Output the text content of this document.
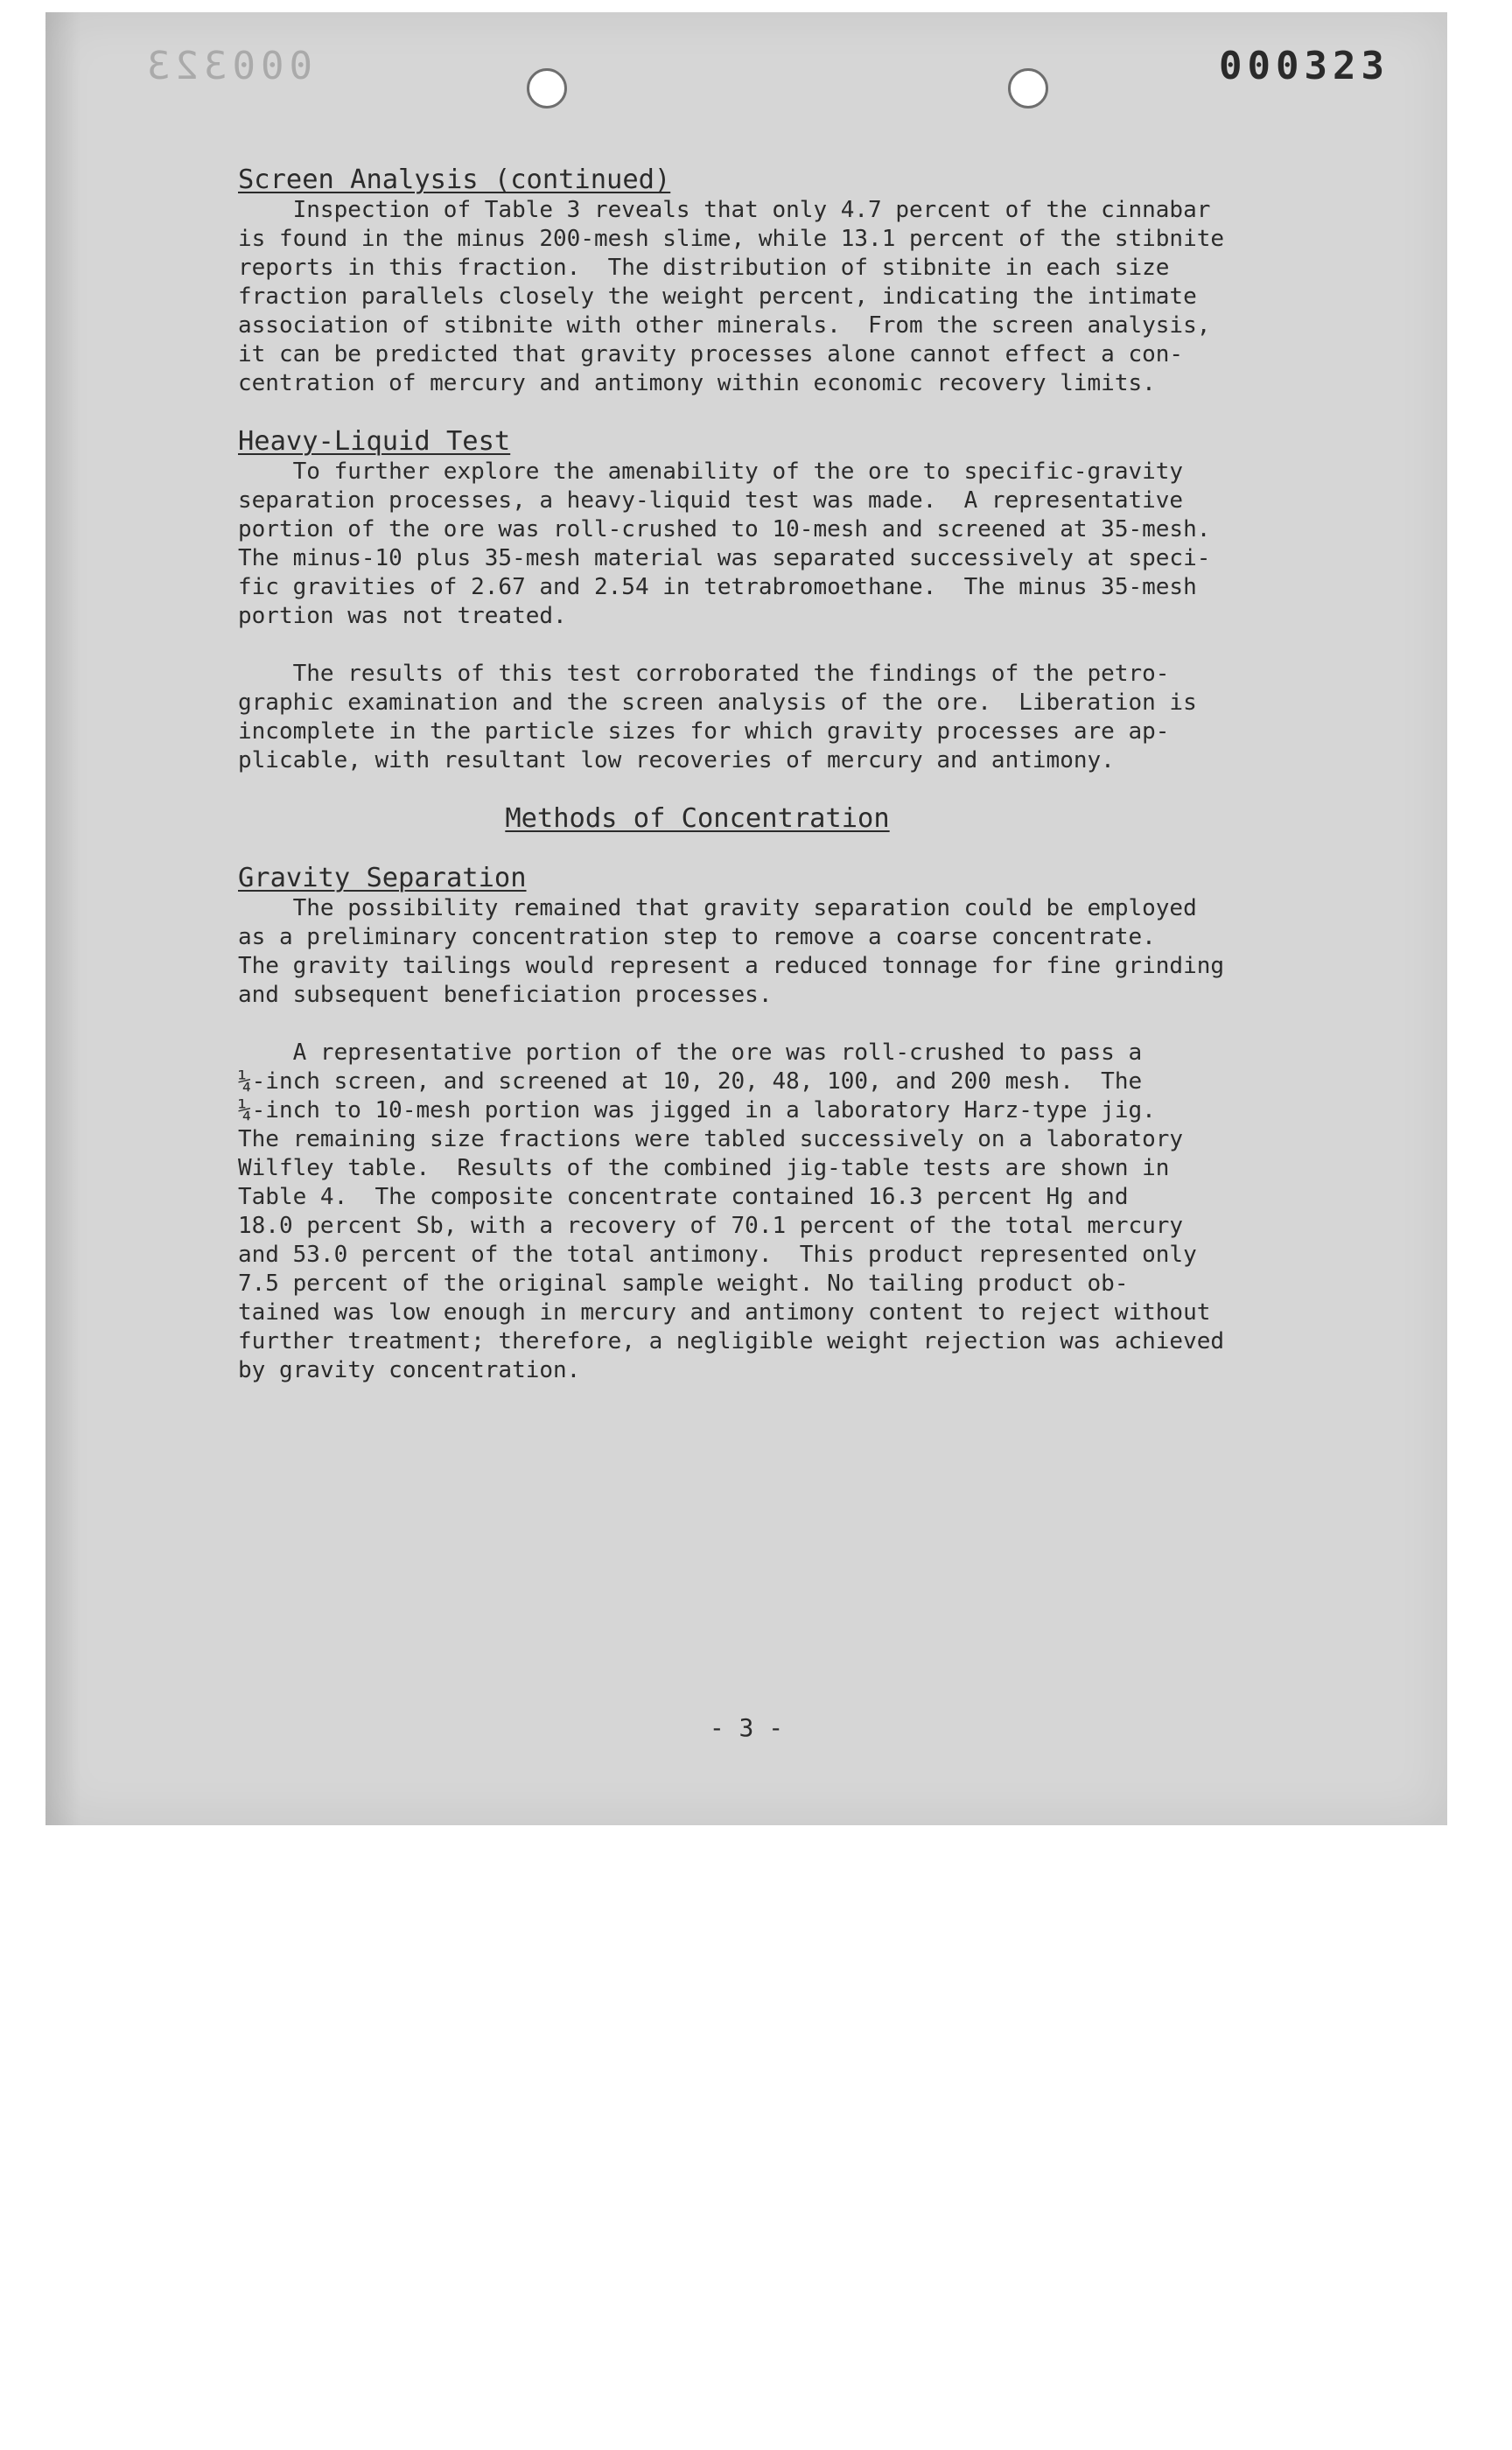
000323	000323
Screen Analysis (continued)

Inspection of Table 3 reveals that only 4.7 percent of the cinnabar

is found in the minus 200-mesh slime, while 13.1 percent of the stibnite

reports in this fraction.  The distribution of stibnite in each size

fraction parallels closely the weight percent, indicating the intimate

association of stibnite with other minerals.  From the screen analysis,

it can be predicted that gravity processes alone cannot effect a con-

centration of mercury and antimony within economic recovery limits.

Heavy-Liquid Test

To further explore the amenability of the ore to specific-gravity

separation processes, a heavy-liquid test was made.  A representative

portion of the ore was roll-crushed to 10-mesh and screened at 35-mesh.

The minus-10 plus 35-mesh material was separated successively at speci-

fic gravities of 2.67 and 2.54 in tetrabromoethane.  The minus 35-mesh

portion was not treated.

The results of this test corroborated the findings of the petro-

graphic examination and the screen analysis of the ore.  Liberation is

incomplete in the particle sizes for which gravity processes are ap-

plicable, with resultant low recoveries of mercury and antimony.

Methods of Concentration
Gravity Separation

The possibility remained that gravity separation could be employed

as a preliminary concentration step to remove a coarse concentrate.

The gravity tailings would represent a reduced tonnage for fine grinding

and subsequent beneficiation processes.

A representative portion of the ore was roll-crushed to pass a

¼-inch screen, and screened at 10, 20, 48, 100, and 200 mesh.  The

¼-inch to 10-mesh portion was jigged in a laboratory Harz-type jig.

The remaining size fractions were tabled successively on a laboratory

Wilfley table.  Results of the combined jig-table tests are shown in

Table 4.  The composite concentrate contained 16.3 percent Hg and

18.0 percent Sb, with a recovery of 70.1 percent of the total mercury

and 53.0 percent of the total antimony.  This product represented only

7.5 percent of the original sample weight. No tailing product ob-

tained was low enough in mercury and antimony content to reject without

further treatment; therefore, a negligible weight rejection was achieved

by gravity concentration.

- 3 -
